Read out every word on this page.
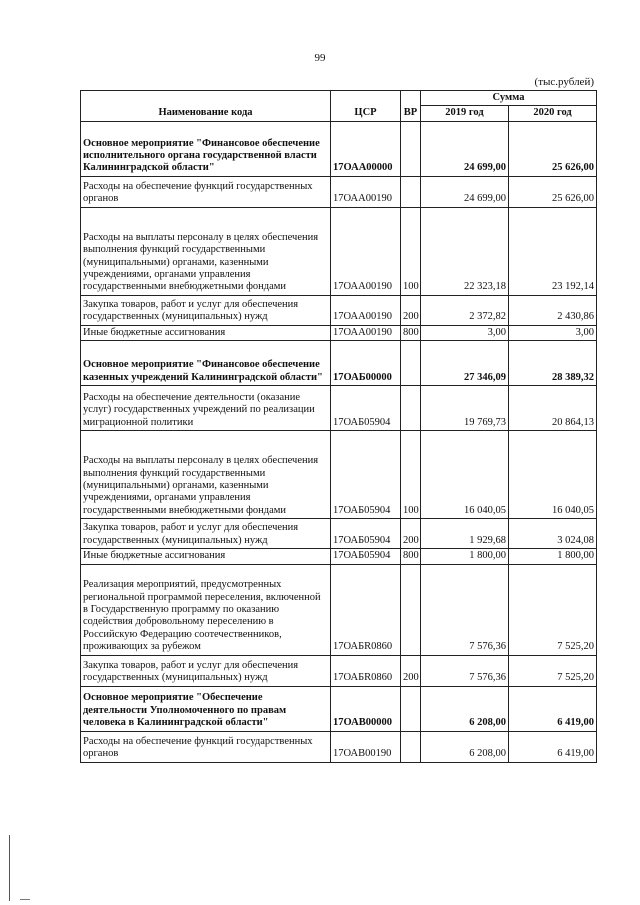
99
(тыс.рублей)
Наименование кода	ЦСР	ВР	Сумма	
			2019 год	2020 год
Основное мероприятие "Финансовое обеспечение исполнительного органа государственной власти Калининградской области"	17ОАА00000		24 699,00	25 626,00
Расходы на обеспечение функций государственных органов	17ОАА00190		24 699,00	25 626,00
Расходы на выплаты персоналу в целях обеспечения выполнения функций государственными (муниципальными) органами, казенными учреждениями, органами управления государственными внебюджетными фондами	17ОАА00190	100	22 323,18	23 192,14
Закупка товаров, работ и услуг для обеспечения государственных (муниципальных) нужд	17ОАА00190	200	2 372,82	2 430,86
Иные бюджетные ассигнования	17ОАА00190	800	3,00	3,00
Основное мероприятие "Финансовое обеспечение казенных учреждений Калининградской области"	17ОАБ00000		27 346,09	28 389,32
Расходы на обеспечение деятельности (оказание услуг) государственных учреждений по реализации миграционной политики	17ОАБ05904		19 769,73	20 864,13
Расходы на выплаты персоналу в целях обеспечения выполнения функций государственными (муниципальными) органами, казенными учреждениями, органами управления государственными внебюджетными фондами	17ОАБ05904	100	16 040,05	16 040,05
Закупка товаров, работ и услуг для обеспечения государственных (муниципальных) нужд	17ОАБ05904	200	1 929,68	3 024,08
Иные бюджетные ассигнования	17ОАБ05904	800	1 800,00	1 800,00
Реализация мероприятий, предусмотренных региональной программой переселения, включенной в Государственную программу по оказанию содействия добровольному переселению в Российскую Федерацию соотечественников, проживающих за рубежом	17ОАБR0860		7 576,36	7 525,20
Закупка товаров, работ и услуг для обеспечения государственных (муниципальных) нужд	17ОАБR0860	200	7 576,36	7 525,20
Основное мероприятие "Обеспечение деятельности Уполномоченного по правам человека в Калининградской области"	17ОАВ00000		6 208,00	6 419,00
Расходы на обеспечение функций государственных органов	17ОАВ00190		6 208,00	6 419,00
